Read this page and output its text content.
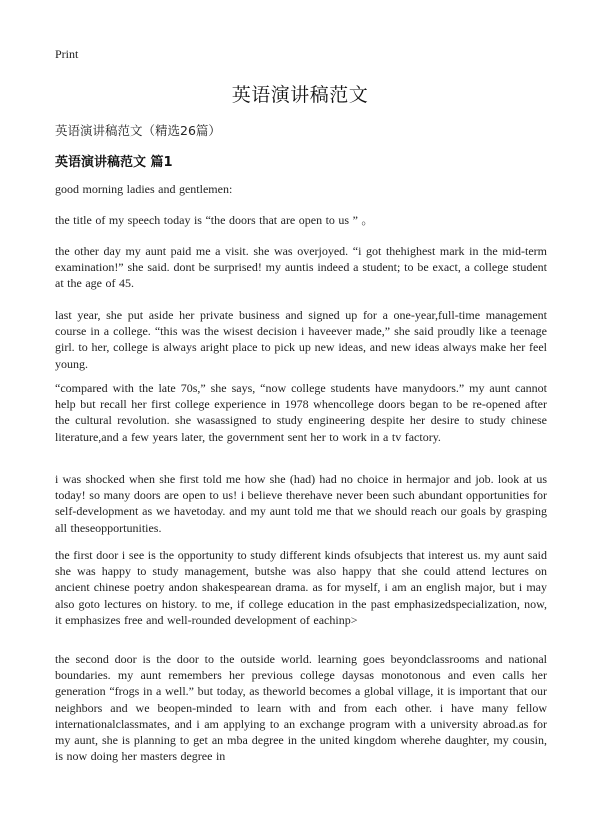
Print
英语演讲稿范文
英语演讲稿范文（精选26篇）
英语演讲稿范文 篇1

good morning ladies and gentlemen:

the title of my speech today is “the doors that are open to us ” 。

the other day my aunt paid me a visit. she was overjoyed. “i got thehighest mark in the mid-term examination!” she said. dont be surprised! my auntis indeed a student; to be exact, a college student at the age of 45.

last year, she put aside her private business and signed up for a one-year,full-time management course in a college. “this was the wisest decision i haveever made,” she said proudly like a teenage girl. to her, college is always aright place to pick up new ideas, and new ideas always make her feel young.

“compared with the late 70s,” she says, “now college students have manydoors.” my aunt cannot help but recall her first college experience in 1978 whencollege doors began to be re-opened after the cultural revolution. she wasassigned to study engineering despite her desire to study chinese literature,and a few years later, the government sent her to work in a tv factory.

i was shocked when she first told me how she (had) had no choice in hermajor and job. look at us today! so many doors are open to us! i believe therehave never been such abundant opportunities for self-development as we havetoday. and my aunt told me that we should reach our goals by grasping all theseopportunities.

the first door i see is the opportunity to study different kinds ofsubjects that interest us. my aunt said she was happy to study management, butshe was also happy that she could attend lectures on ancient chinese poetry andon shakespearean drama. as for myself, i am an english major, but i may also goto lectures on history. to me, if college education in the past emphasizedspecialization, now, it emphasizes free and well-rounded development of eachinp>

the second door is the door to the outside world. learning goes beyondclassrooms and national boundaries. my aunt remembers her previous college daysas monotonous and even calls her generation “frogs in a well.” but today, as theworld becomes a global village, it is important that our neighbors and we beopen-minded to learn with and from each other. i have many fellow internationalclassmates, and i am applying to an exchange program with a university abroad.as for my aunt, she is planning to get an mba degree in the united kingdom wherehe daughter, my cousin, is now doing her masters degree in
